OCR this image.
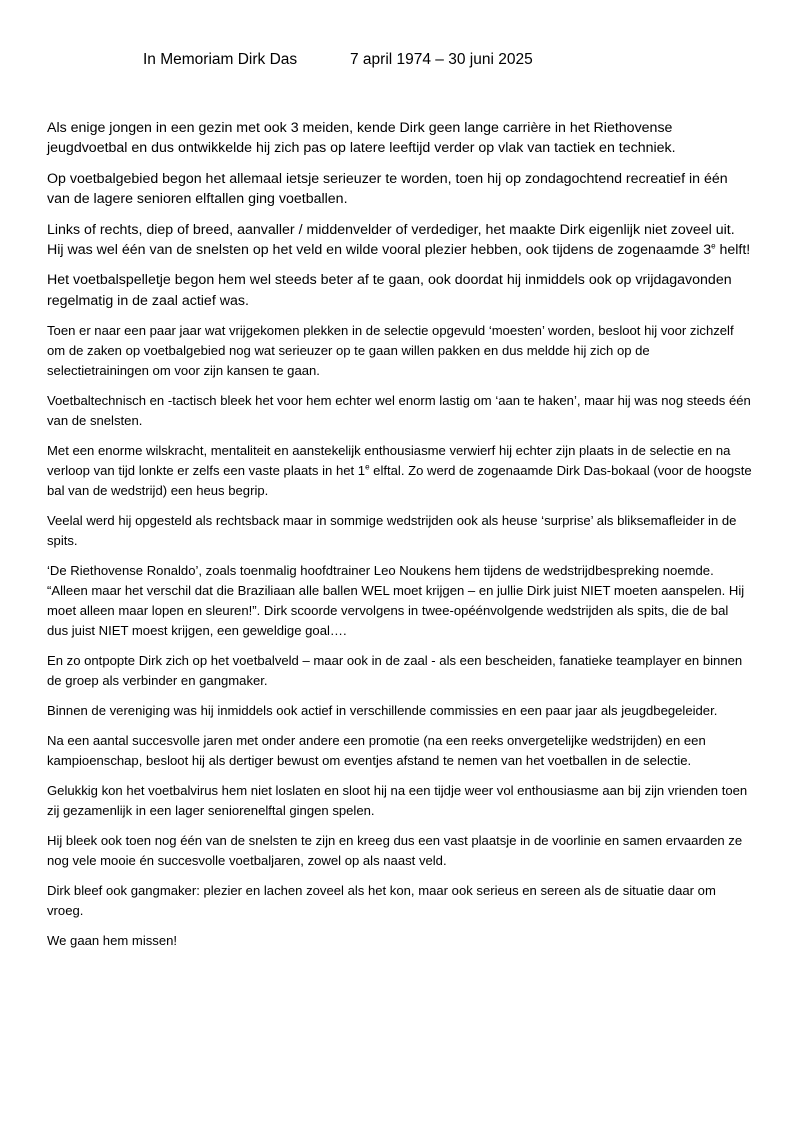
In Memoriam Dirk Das	7 april 1974 – 30 juni 2025

Als enige jongen in een gezin met ook 3 meiden, kende Dirk geen lange carrière in het Riethovense jeugdvoetbal en dus ontwikkelde hij zich pas op latere leeftijd verder op vlak van tactiek en techniek.

Op voetbalgebied begon het allemaal ietsje serieuzer te worden, toen hij op zondagochtend recreatief in één van de lagere senioren elftallen ging voetballen.

Links of rechts, diep of breed, aanvaller / middenvelder of verdediger, het maakte Dirk eigenlijk niet zoveel uit. Hij was wel één van de snelsten op het veld en wilde vooral plezier hebben, ook tijdens de zogenaamde 3e helft!

Het voetbalspelletje begon hem wel steeds beter af te gaan, ook doordat hij inmiddels ook op vrijdagavonden regelmatig in de zaal actief was.

Toen er naar een paar jaar wat vrijgekomen plekken in de selectie opgevuld ‘moesten’ worden, besloot hij voor zichzelf om de zaken op voetbalgebied nog wat serieuzer op te gaan willen pakken en dus meldde hij zich op de selectietrainingen om voor zijn kansen te gaan.

Voetbaltechnisch en -tactisch bleek het voor hem echter wel enorm lastig om ‘aan te haken’, maar hij was nog steeds één van de snelsten.

Met een enorme wilskracht, mentaliteit en aanstekelijk enthousiasme verwierf hij echter zijn plaats in de selectie en na verloop van tijd lonkte er zelfs een vaste plaats in het 1e elftal. Zo werd de zogenaamde Dirk Das-bokaal (voor de hoogste bal van de wedstrijd) een heus begrip.

Veelal werd hij opgesteld als rechtsback maar in sommige wedstrijden ook als heuse ‘surprise’ als bliksemafleider in de spits.

‘De Riethovense Ronaldo’, zoals toenmalig hoofdtrainer Leo Noukens hem tijdens de wedstrijdbespreking noemde. “Alleen maar het verschil dat die Braziliaan alle ballen WEL moet krijgen – en jullie Dirk juist NIET moeten aanspelen. Hij moet alleen maar lopen en sleuren!”. Dirk scoorde vervolgens in twee-opéénvolgende wedstrijden als spits, die de bal dus juist NIET moest krijgen, een geweldige goal….

En zo ontpopte Dirk zich op het voetbalveld – maar ook in de zaal - als een bescheiden, fanatieke teamplayer en binnen de groep als verbinder en gangmaker.

Binnen de vereniging was hij inmiddels ook actief in verschillende commissies en een paar jaar als jeugdbegeleider.

Na een aantal succesvolle jaren met onder andere een promotie (na een reeks onvergetelijke wedstrijden) en een kampioenschap, besloot hij als dertiger bewust om eventjes afstand te nemen van het voetballen in de selectie.

Gelukkig kon het voetbalvirus hem niet loslaten en sloot hij na een tijdje weer vol enthousiasme aan bij zijn vrienden toen zij gezamenlijk in een lager seniorenelftal gingen spelen.

Hij bleek ook toen nog één van de snelsten te zijn en kreeg dus een vast plaatsje in de voorlinie en samen ervaarden ze nog vele mooie én succesvolle voetbaljaren, zowel op als naast veld.

Dirk bleef ook gangmaker: plezier en lachen zoveel als het kon, maar ook serieus en sereen als de situatie daar om vroeg.

We gaan hem missen!
